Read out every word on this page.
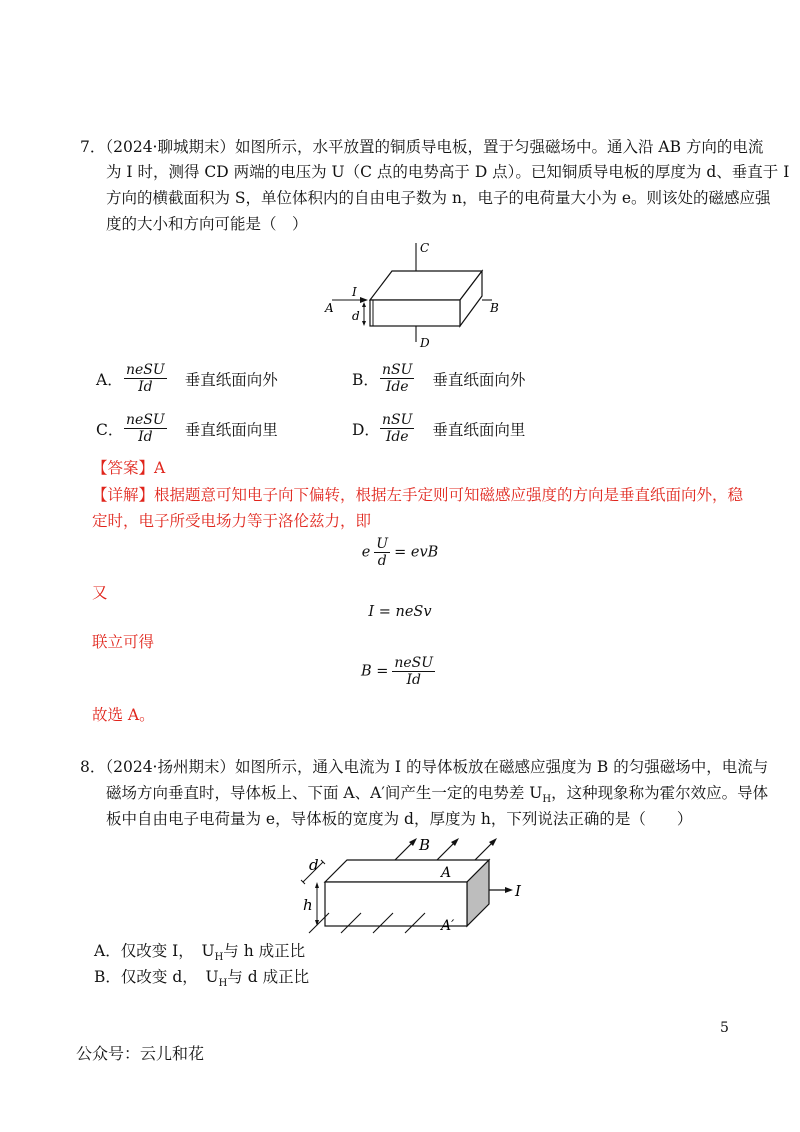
7．（2024·聊城期末）如图所示，水平放置的铜质导电板，置于匀强磁场中。通入沿 AB 方向的电流
为 I 时，测得 CD 两端的电压为 U（C 点的电势高于 D 点）。已知铜质导电板的厚度为 d、垂直于 I
方向的横截面积为 S，单位体积内的自由电子数为 n，电子的电荷量大小为 e。则该处的磁感应强
度的大小和方向可能是（　）
C
D
A	B
I
d
A． $\frac{\text{neSU}}{Id}$ 垂直纸面向外	B． $\frac{\text{nSU}}{\text{Ide}}$ 垂直纸面向外
C． $\frac{\text{neSU}}{Id}$ 垂直纸面向里	D． $\frac{\text{nSU}}{\text{Ide}}$ 垂直纸面向里
【答案】A
【详解】根据题意可知电子向下偏转，根据左手定则可知磁感应强度的方向是垂直纸面向外，稳
定时，电子所受电场力等于洛伦兹力，即
e $\frac{U}{d}$ = evB
又
I = neSv
联立可得
$B = \frac{\text{neSU}}{Id}$
故选 A。
8．（2024·扬州期末）如图所示，通入电流为 I 的导体板放在磁感应强度为 B 的匀强磁场中，电流与
磁场方向垂直时，导体板上、下面 A、A′间产生一定的电势差 $U_H$，这种现象称为霍尔效应。导体
板中自由电子电荷量为 e，导体板的宽度为 d，厚度为 h，下列说法正确的是（　　）
B
A
A′
I
d
h
A．仅改变 I，　$U_H$与 h 成正比
B．仅改变 d，　$U_H$与 d 成正比
5
公众号：云儿和花
